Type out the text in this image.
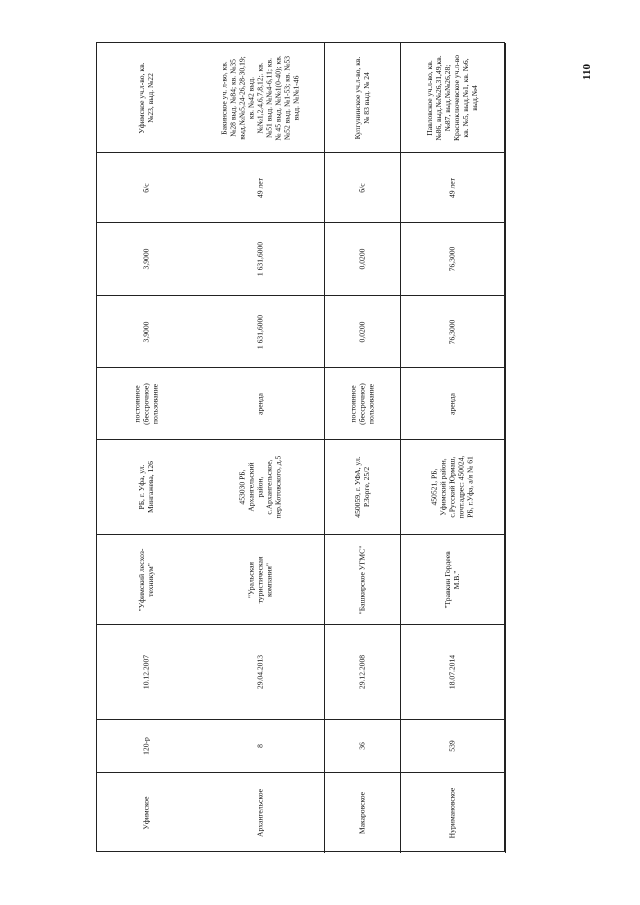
110
Павловское уч.л-во, кв.
№86, выд.№№26,31,49,кв.
№87, выд.№№26,28;
Красноключевское уч.л-во
кв. №5, выд.№1, кв. №6,
выд.№4
49 лет
76,3000
76,3000
аренда
450521, РБ,
Уфимский район,
с.Русский Юрмаш,
почт.адрес: 450024,
РБ, г.Уфа, а/я № 61
"Травкин Гордеев
М.В."
18.07.2014
539
Нуримановское
Кулгунинское уч.л-во, кв.
№ 83 выд. № 24
б/с
0,0200
0,0200
постоянное
(бессрочное)
пользование
450059, г. УФА, ул.
Р.Зорге, 25/2
"Башкирское УГМС"
29.12.2008
36
Макаровское
Бакинское уч. л-во, кв.
№28 выд. №84; кв. №35
выд.№№5,24-26,28-30,19;
кв. №42 выд.
№№1,2,4,6,7,8,12;. кв.
№51 выд. №№4-6,11; кв.
№ 45 выд. №№1(0-40); кв.
№52 выд. №1-53; кв. №53
выд. №№1-46
49 лет
1 631,6000
1 631,6000
аренда
453030 РБ,
Архангельский
район,
с.Архангельское,
пер.Котовского, д.5
"Уральская
туристическая
компания"
29.04.2013
8
Архангельское
Уфимское уч.л-во, кв.
№23, выд. №22
б/с
3,9000
3,9000
постоянное
(бессрочное)
пользование
РБ, г. Уфа, ул.
Мингажева, 126
"Уфимский лесхоз-
техникум"
10.12.2007
120-р
Уфимское
